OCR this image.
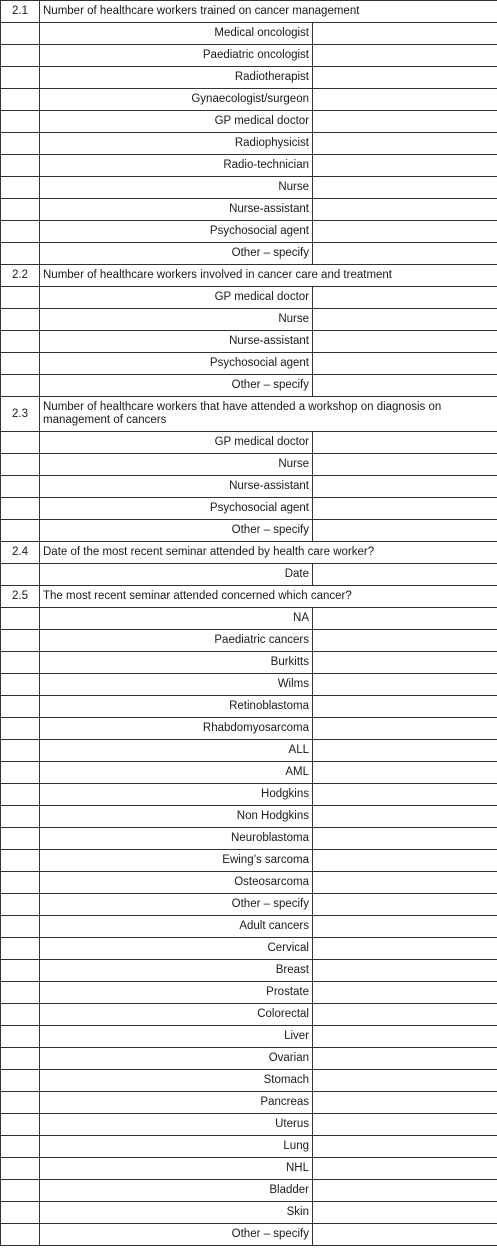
2.1	Number of healthcare workers trained on cancer management	
	Medical oncologist	
	Paediatric oncologist	
	Radiotherapist	
	Gynaecologist/surgeon	
	GP medical doctor	
	Radiophysicist	
	Radio-technician	
	Nurse	
	Nurse-assistant	
	Psychosocial agent	
	Other – specify	
2.2	Number of healthcare workers involved in cancer care and treatment	
	GP medical doctor	
	Nurse	
	Nurse-assistant	
	Psychosocial agent	
	Other – specify	
2.3	Number of healthcare workers that have attended a workshop on diagnosis on management of cancers	
	GP medical doctor	
	Nurse	
	Nurse-assistant	
	Psychosocial agent	
	Other – specify	
2.4	Date of the most recent seminar attended by health care worker?	
	Date	
2.5	The most recent seminar attended concerned which cancer?	
	NA	
	Paediatric cancers	
	Burkitts	
	Wilms	
	Retinoblastoma	
	Rhabdomyosarcoma	
	ALL	
	AML	
	Hodgkins	
	Non Hodgkins	
	Neuroblastoma	
	Ewing’s sarcoma	
	Osteosarcoma	
	Other – specify	
	Adult cancers	
	Cervical	
	Breast	
	Prostate	
	Colorectal	
	Liver	
	Ovarian	
	Stomach	
	Pancreas	
	Uterus	
	Lung	
	NHL	
	Bladder	
	Skin	
	Other – specify	
